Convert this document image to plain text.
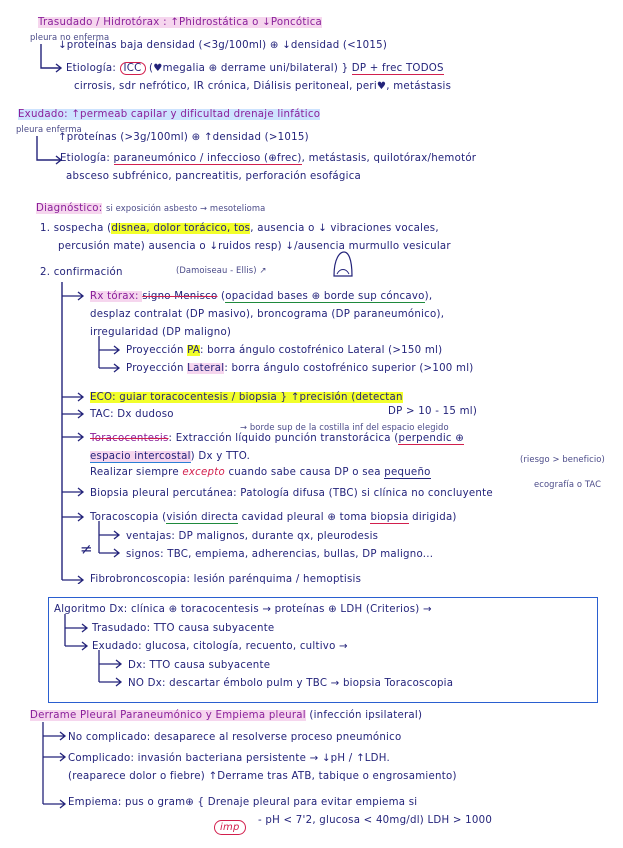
Trasudado / Hidrotórax : ↑Phidrostática o ↓Poncótica
pleura no enferma
↓proteínas baja densidad (<3g/100ml) ⊕ ↓densidad (<1015)
Etiología: ICC (♥megalia ⊕ derrame uni/bilateral) } DP + frec TODOS
cirrosis, sdr nefrótico, IR crónica, Diálisis peritoneal, peri♥, metástasis
Exudado: ↑permeab capilar y dificultad drenaje linfático
pleura enferma
↑proteínas (>3g/100ml) ⊕ ↑densidad (>1015)
Etiología: paraneumónico / infeccioso (⊕frec), metástasis, quilotórax/hemotór
absceso subfrénico, pancreatitis, perforación esofágica
Diagnóstico: si exposición asbesto → mesotelioma
1. sospecha (disnea, dolor torácico, tos, ausencia o ↓ vibraciones vocales,
percusión mate) ausencia o ↓ruidos resp) ↓/ausencia murmullo vesicular
2. confirmación	(Damoiseau - Ellis) ↗
Rx tórax: signo Menisco (opacidad bases ⊕ borde sup cóncavo),
desplaz contralat (DP masivo), broncograma (DP paraneumónico),
irregularidad (DP maligno)
Proyección PA: borra ángulo costofrénico Lateral (>150 ml)
Proyección Lateral: borra ángulo costofrénico superior (>100 ml)
ECO: guiar toracocentesis / biopsia } ↑precisión (detectan
DP > 10 - 15 ml)
TAC: Dx dudoso
→ borde sup de la costilla inf del espacio elegido
Toracocentesis: Extracción líquido punción transtorácica (perpendic ⊕
espacio intercostal) Dx y TTO.
Realizar siempre excepto cuando sabe causa DP o sea pequeño
(riesgo > beneficio)
ecografía o TAC
Biopsia pleural percutánea: Patología difusa (TBC) si clínica no concluyente
Toracoscopia (visión directa cavidad pleural ⊕ toma biopsia dirigida)
≠
ventajas: DP malignos, durante qx, pleurodesis
signos: TBC, empiema, adherencias, bullas, DP maligno...
Fibrobroncoscopia: lesión parénquima / hemoptisis
Algoritmo Dx: clínica ⊕ toracocentesis → proteínas ⊕ LDH (Criterios) →
Trasudado: TTO causa subyacente
Exudado: glucosa, citología, recuento, cultivo →
Dx: TTO causa subyacente
NO Dx: descartar émbolo pulm y TBC → biopsia Toracoscopia
Derrame Pleural Paraneumónico y Empiema pleural (infección ipsilateral)
No complicado: desaparece al resolverse proceso pneumónico
Complicado: invasión bacteriana persistente → ↓pH / ↑LDH.
(reaparece dolor o fiebre) ↑Derrame tras ATB, tabique o engrosamiento)
Empiema: pus o gram⊕ { Drenaje pleural para evitar empiema si
- pH < 7'2, glucosa < 40mg/dl) LDH > 1000
imp
